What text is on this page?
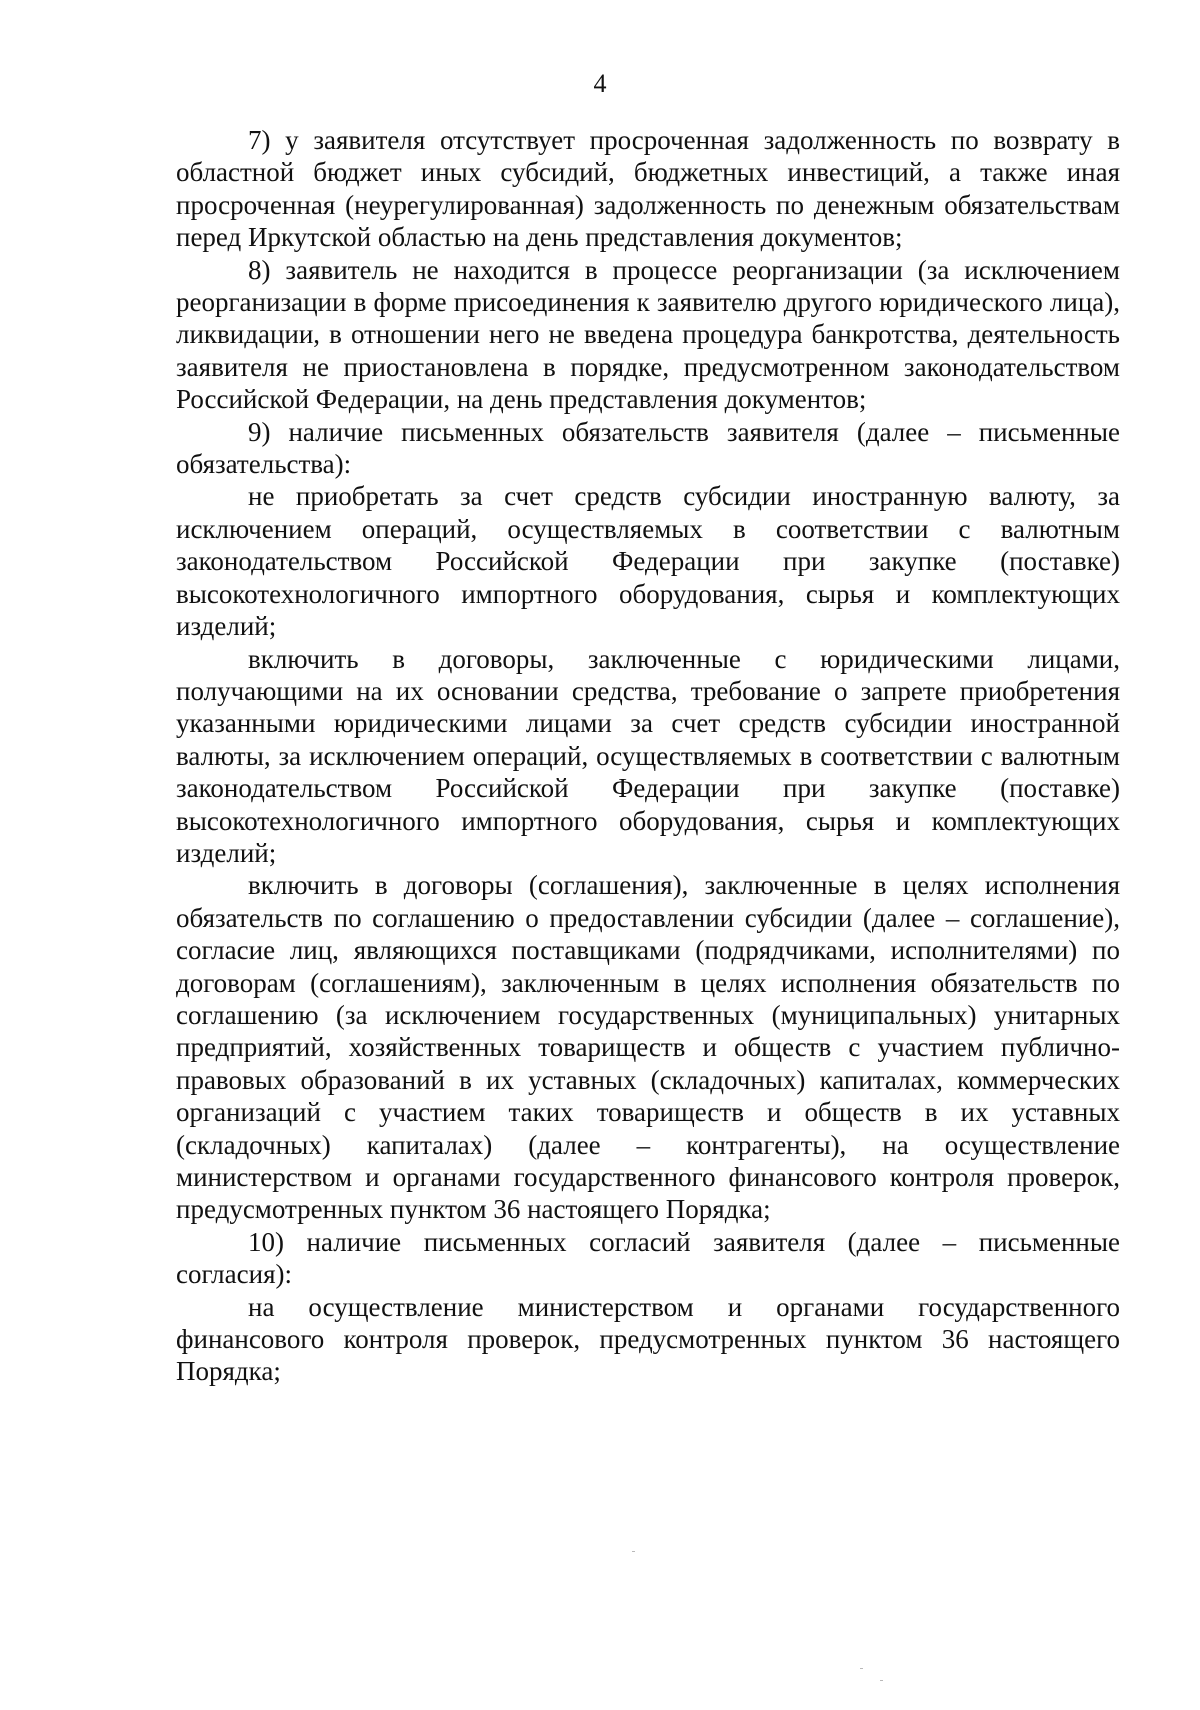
4

7) у заявителя отсутствует просроченная задолженность по возврату в областной бюджет иных субсидий, бюджетных инвестиций, а также иная просроченная (неурегулированная) задолженность по денежным обязательствам перед Иркутской областью на день представления документов;

8) заявитель не находится в процессе реорганизации (за исключением реорганизации в форме присоединения к заявителю другого юридического лица), ликвидации, в отношении него не введена процедура банкротства, деятельность заявителя не приостановлена в порядке, предусмотренном законодательством Российской Федерации, на день представления документов;

9) наличие письменных обязательств заявителя (далее – письменные обязательства):

не приобретать за счет средств субсидии иностранную валюту, за исключением операций, осуществляемых в соответствии с валютным законодательством Российской Федерации при закупке (поставке) высокотехнологичного импортного оборудования, сырья и комплектующих изделий;

включить в договоры, заключенные с юридическими лицами, получающими на их основании средства, требование о запрете приобретения указанными юридическими лицами за счет средств субсидии иностранной валюты, за исключением операций, осуществляемых в соответствии с валютным законодательством Российской Федерации при закупке (поставке) высокотехнологичного импортного оборудования, сырья и комплектующих изделий;

включить в договоры (соглашения), заключенные в целях исполнения обязательств по соглашению о предоставлении субсидии (далее – соглашение), согласие лиц, являющихся поставщиками (подрядчиками, исполнителями) по договорам (соглашениям), заключенным в целях исполнения обязательств по соглашению (за исключением государственных (муниципальных) унитарных предприятий, хозяйственных товариществ и обществ с участием публично-правовых образований в их уставных (складочных) капиталах, коммерческих организаций с участием таких товариществ и обществ в их уставных (складочных) капиталах) (далее – контрагенты), на осуществление министерством и органами государственного финансового контроля проверок, предусмотренных пунктом 36 настоящего Порядка;

10) наличие письменных согласий заявителя (далее – письменные согласия):

на осуществление министерством и органами государственного финансового контроля проверок, предусмотренных пунктом 36 настоящего Порядка;
